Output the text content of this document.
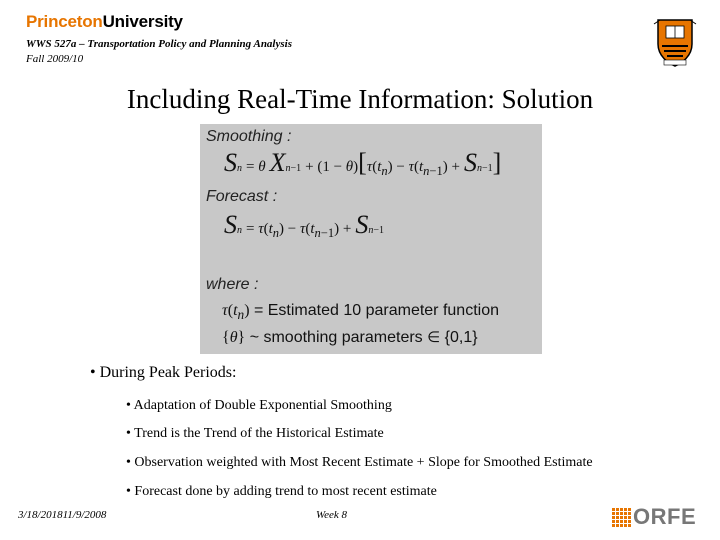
PrincetonUniversity
WWS 527a – Transportation Policy and Planning Analysis
Fall 2009/10
Including Real-Time Information: Solution
Smoothing :
Sn = θ $Xn-1 + (1 - \theta)[\tau(t_n) - \tau(t_{n-1}) + Sn-1]$
Forecast :
$Sn = \tau(t_n) - \tau(t_{n-1}) + Sn-1$
where :
$\tau(t_n)$ = Estimated 10 parameter function
{θ} ~ smoothing parameters ∈ {0,1}
• During Peak Periods:
• Adaptation of Double Exponential Smoothing
• Trend is the Trend of the Historical Estimate
• Observation weighted with Most Recent Estimate + Slope for Smoothed Estimate
• Forecast done by adding trend to most recent estimate
3/18/201811/9/2008	Week 8	ORFE
